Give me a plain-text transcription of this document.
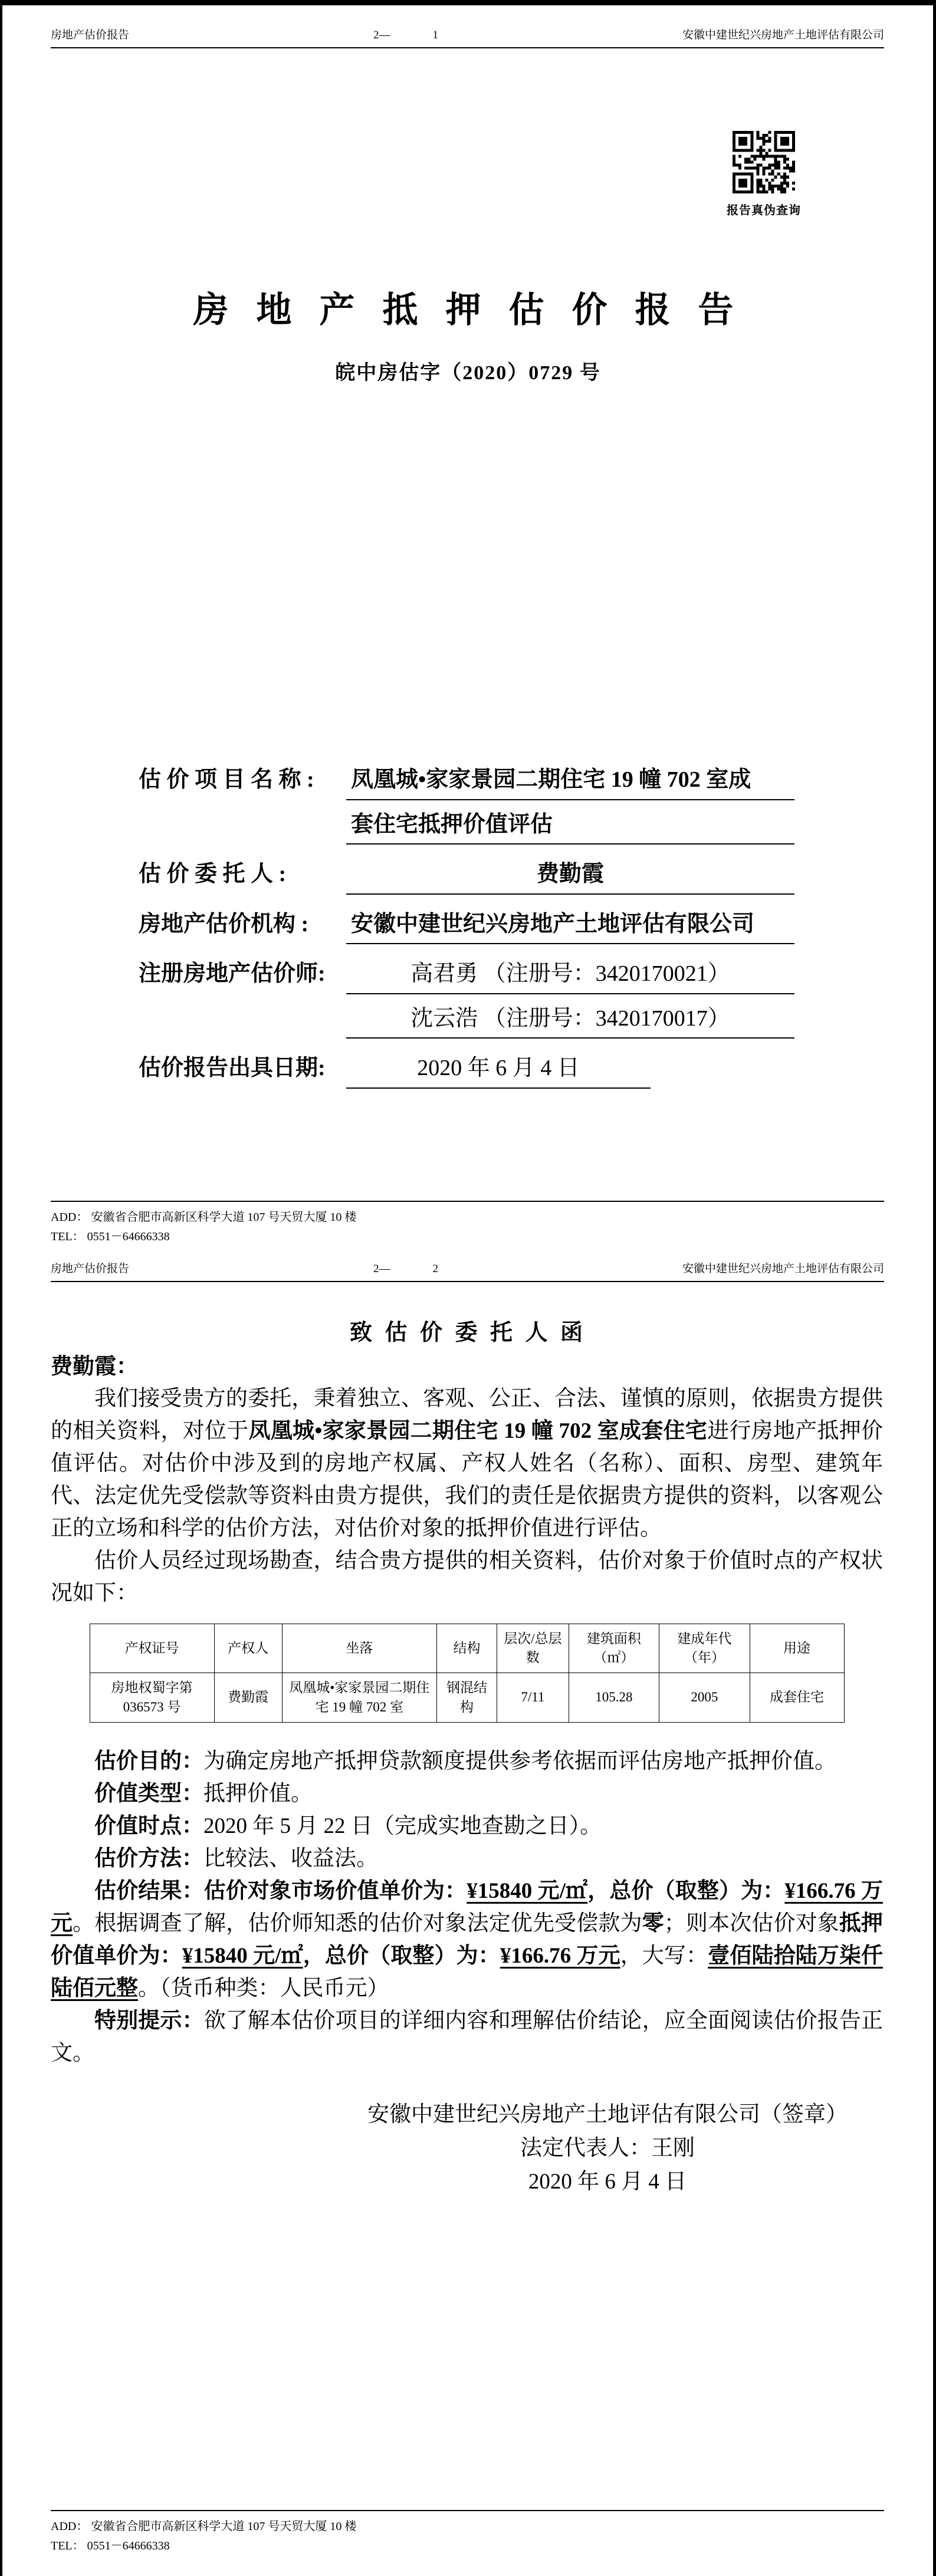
房地产估价报告	2—	1	安徽中建世纪兴房地产土地评估有限公司
报告真伪查询
房 地 产 抵 押 估 价 报 告
皖中房估字（2020）0729 号
估 价 项 目 名 称 :	凤凰城•家家景园二期住宅 19 幢 702 室成
套住宅抵押价值评估
估 价 委 托 人 :	费勤霞
房地产估价机构 :	安徽中建世纪兴房地产土地评估有限公司
注册房地产估价师:	高君勇 （注册号：3420170021）
沈云浩 （注册号：3420170017）
估价报告出具日期:	2020 年 6 月 4 日
ADD： 安徽省合肥市高新区科学大道 107 号天贸大厦 10 楼
TEL： 0551－64666338
房地产估价报告	2—	2	安徽中建世纪兴房地产土地评估有限公司
致 估 价 委 托 人 函
费勤霞：

我们接受贵方的委托，秉着独立、客观、公正、合法、谨慎的原则，依据贵方提供的相关资料，对位于凤凰城•家家景园二期住宅 19 幢 702 室成套住宅进行房地产抵押价值评估。对估价中涉及到的房地产权属、产权人姓名（名称）、面积、房型、建筑年代、法定优先受偿款等资料由贵方提供，我们的责任是依据贵方提供的资料，以客观公正的立场和科学的估价方法，对估价对象的抵押价值进行评估。

估价人员经过现场勘查，结合贵方提供的相关资料，估价对象于价值时点的产权状况如下：

产权证号	产权人	坐落	结构	层次/总层数	建筑面积（㎡）	建成年代（年）	用途
房地权蜀字第 036573 号	费勤霞	凤凰城•家家景园二期住宅 19 幢 702 室	钢混结构	7/11	105.28	2005	成套住宅

估价目的：为确定房地产抵押贷款额度提供参考依据而评估房地产抵押价值。

价值类型：抵押价值。

价值时点：2020 年 5 月 22 日（完成实地查勘之日）。

估价方法：比较法、收益法。

估价结果：估价对象市场价值单价为：¥15840 元/㎡，总价（取整）为：¥166.76 万元。根据调查了解，估价师知悉的估价对象法定优先受偿款为零；则本次估价对象抵押价值单价为：¥15840 元/㎡，总价（取整）为：¥166.76 万元，大写：壹佰陆拾陆万柒仟陆佰元整。（货币种类：人民币元）

特别提示：欲了解本估价项目的详细内容和理解估价结论，应全面阅读估价报告正文。

安徽中建世纪兴房地产土地评估有限公司（签章）
法定代表人：王刚
2020 年 6 月 4 日
ADD： 安徽省合肥市高新区科学大道 107 号天贸大厦 10 楼
TEL： 0551－64666338
